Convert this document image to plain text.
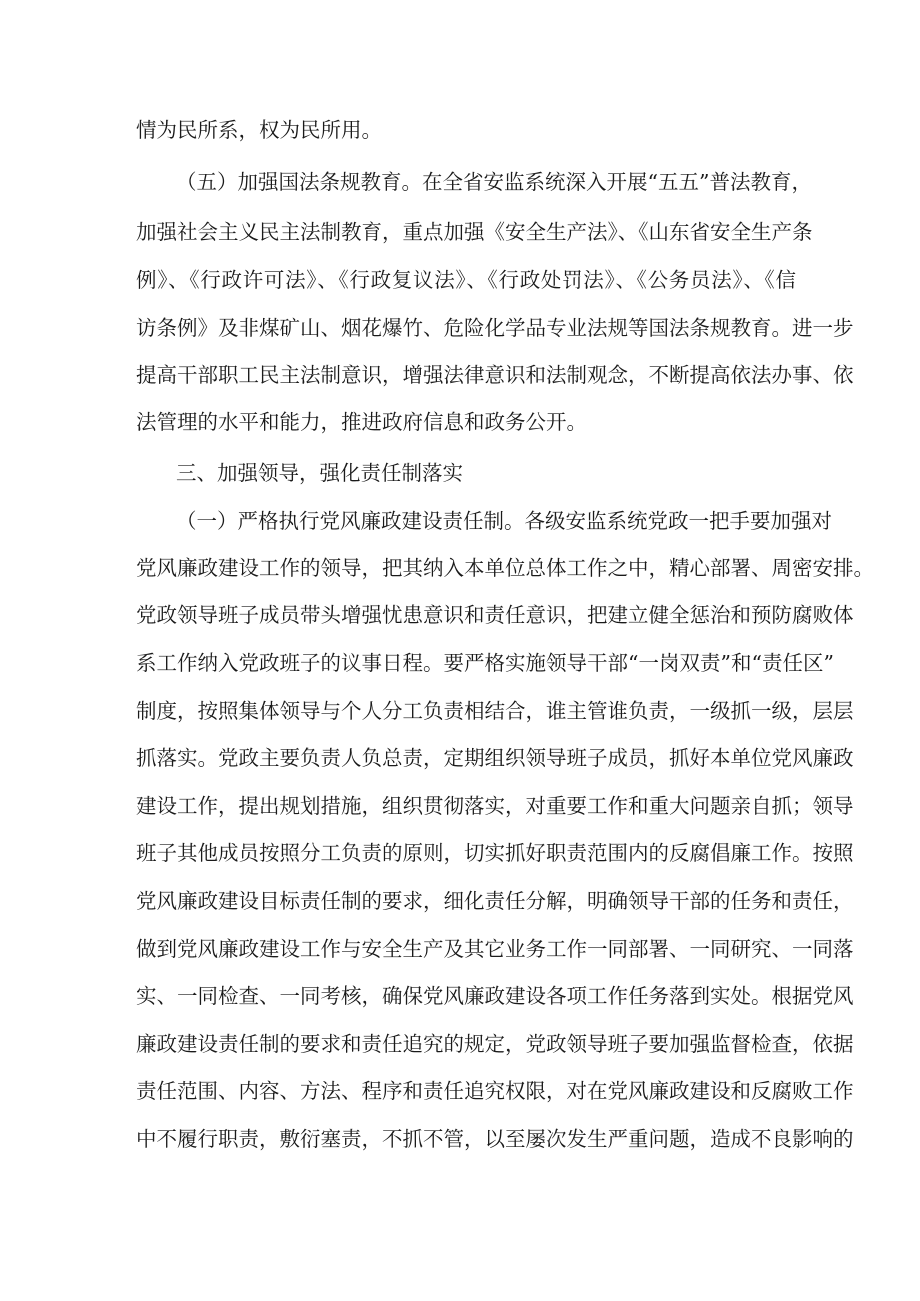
情为民所系，权为民所用。
（五）加强国法条规教育。在全省安监系统深入开展“五五”普法教育，
加强社会主义民主法制教育，重点加强《安全生产法》、《山东省安全生产条
例》、《行政许可法》、《行政复议法》、《行政处罚法》、《公务员法》、《信
访条例》及非煤矿山、烟花爆竹、危险化学品专业法规等国法条规教育。进一步
提高干部职工民主法制意识，增强法律意识和法制观念，不断提高依法办事、依
法管理的水平和能力，推进政府信息和政务公开。
三、加强领导，强化责任制落实
（一）严格执行党风廉政建设责任制。各级安监系统党政一把手要加强对
党风廉政建设工作的领导，把其纳入本单位总体工作之中，精心部署、周密安排。
党政领导班子成员带头增强忧患意识和责任意识，把建立健全惩治和预防腐败体
系工作纳入党政班子的议事日程。要严格实施领导干部“一岗双责”和“责任区”
制度，按照集体领导与个人分工负责相结合，谁主管谁负责，一级抓一级，层层
抓落实。党政主要负责人负总责，定期组织领导班子成员，抓好本单位党风廉政
建设工作，提出规划措施，组织贯彻落实，对重要工作和重大问题亲自抓；领导
班子其他成员按照分工负责的原则，切实抓好职责范围内的反腐倡廉工作。按照
党风廉政建设目标责任制的要求，细化责任分解，明确领导干部的任务和责任，
做到党风廉政建设工作与安全生产及其它业务工作一同部署、一同研究、一同落
实、一同检查、一同考核，确保党风廉政建设各项工作任务落到实处。根据党风
廉政建设责任制的要求和责任追究的规定，党政领导班子要加强监督检查，依据
责任范围、内容、方法、程序和责任追究权限，对在党风廉政建设和反腐败工作
中不履行职责，敷衍塞责，不抓不管，以至屡次发生严重问题，造成不良影响的
